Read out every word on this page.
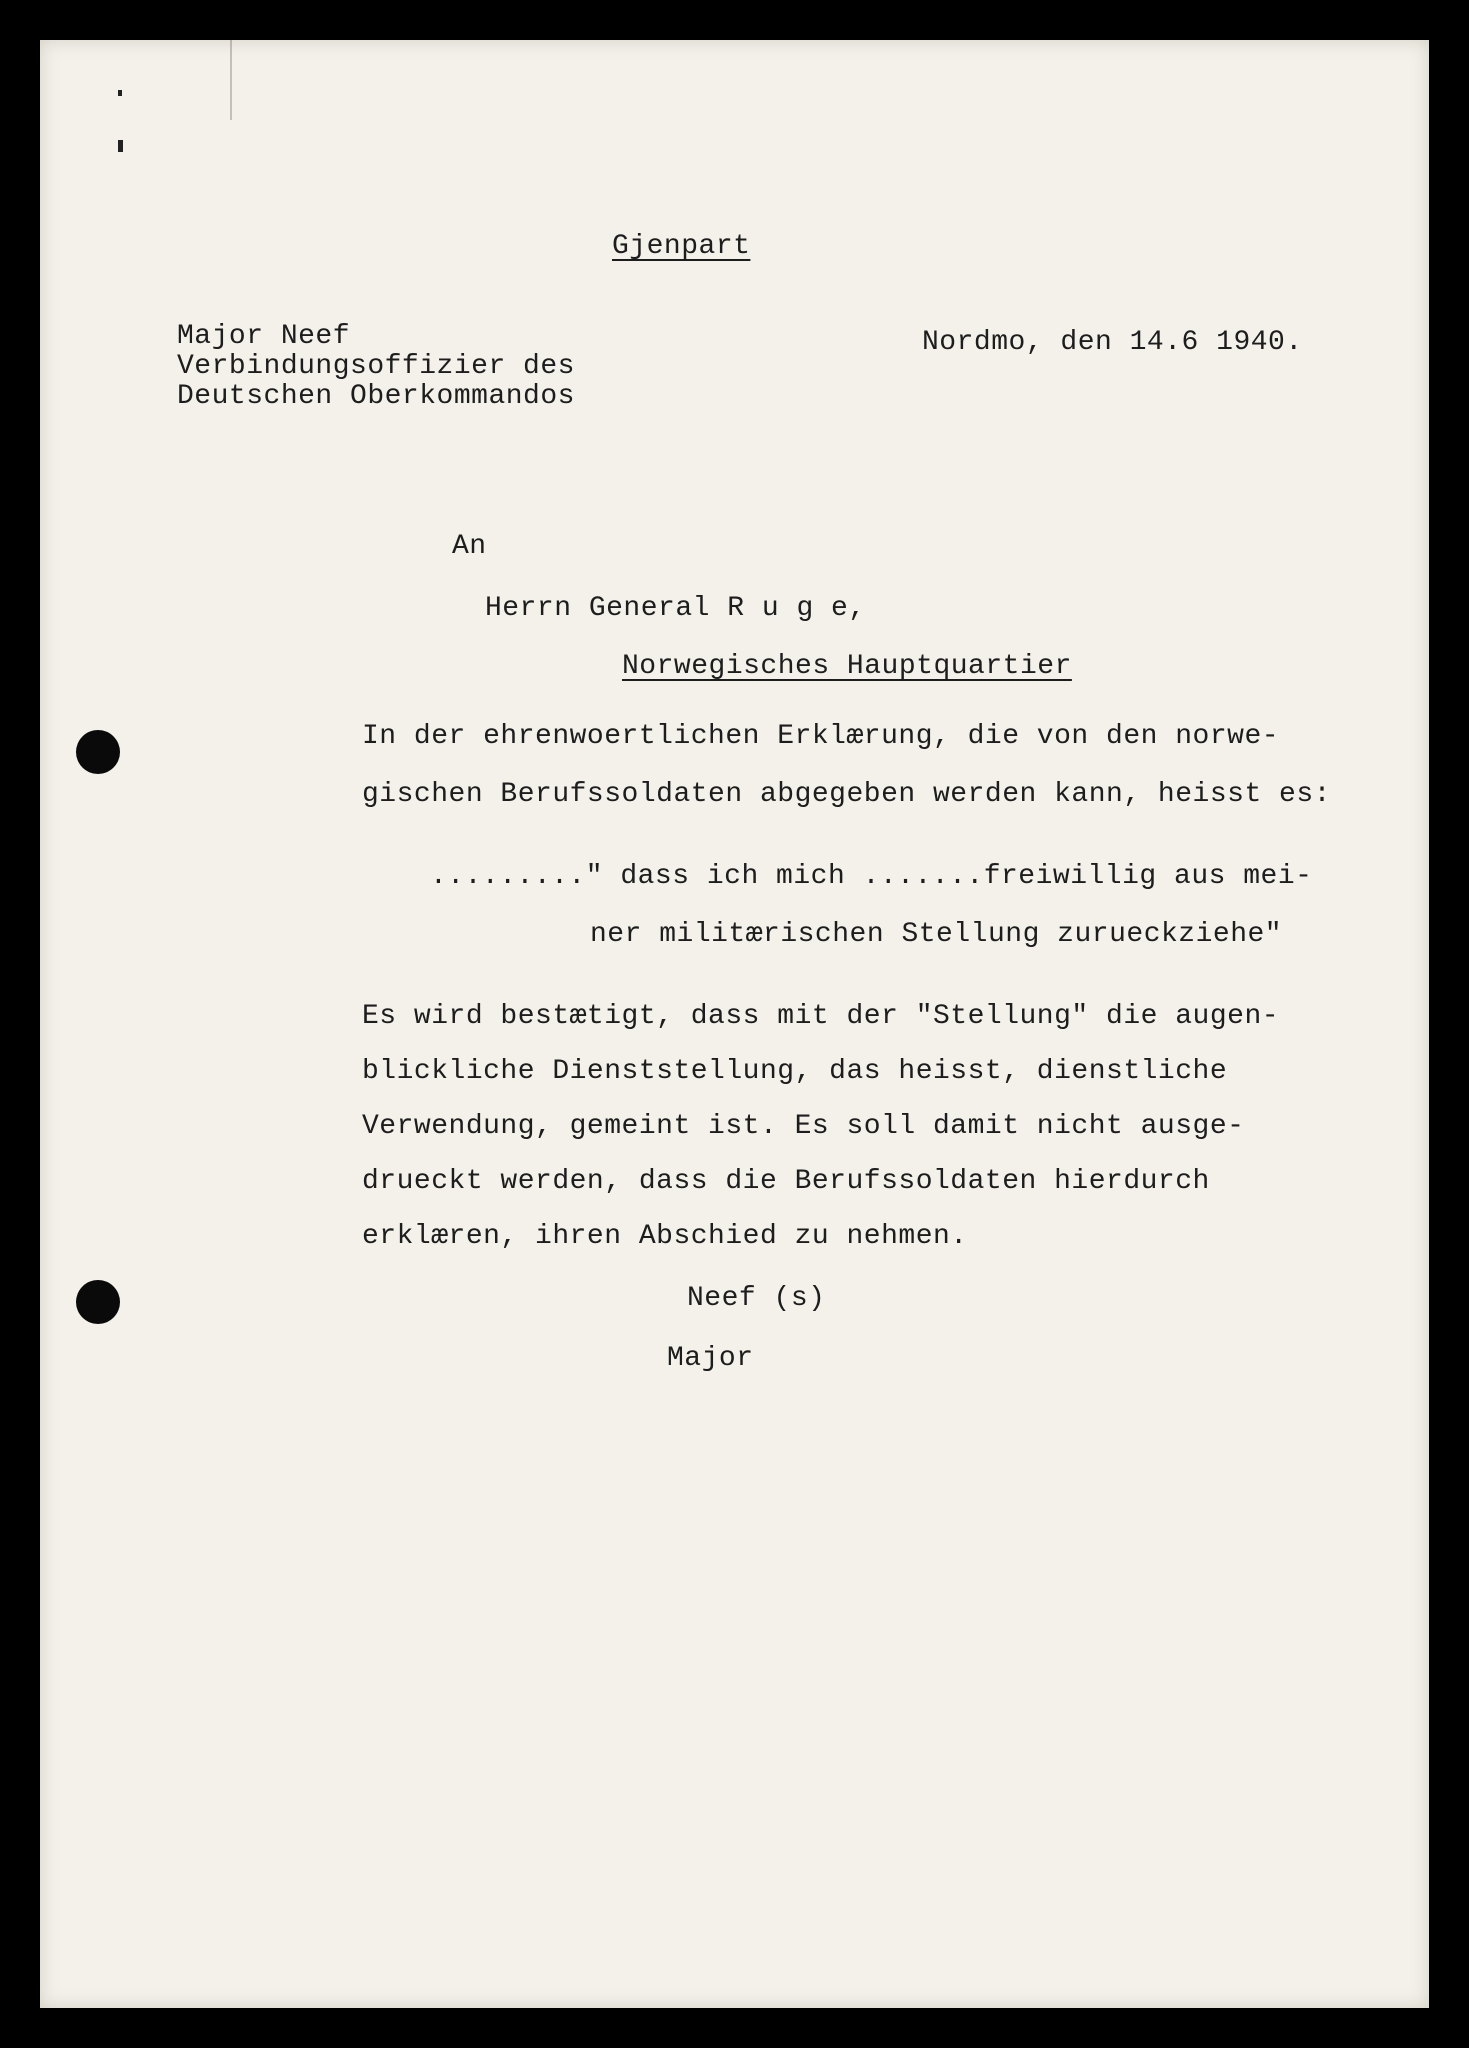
Gjenpart
Major Neef
Verbindungsoffizier des
Deutschen Oberkommandos
Nordmo, den 14.6 1940.
An
Herrn General R u g e,
Norwegisches Hauptquartier
In der ehrenwoertlichen Erklærung, die von den norwe-
gischen Berufssoldaten abgegeben werden kann, heisst es:
........." dass ich mich .......freiwillig aus mei-
ner militærischen Stellung zurueckziehe"
Es wird bestætigt, dass mit der "Stellung" die augen-
blickliche Dienststellung, das heisst, dienstliche
Verwendung, gemeint ist. Es soll damit nicht ausge-
drueckt werden, dass die Berufssoldaten hierdurch
erklæren, ihren Abschied zu nehmen.
Neef (s)
Major
